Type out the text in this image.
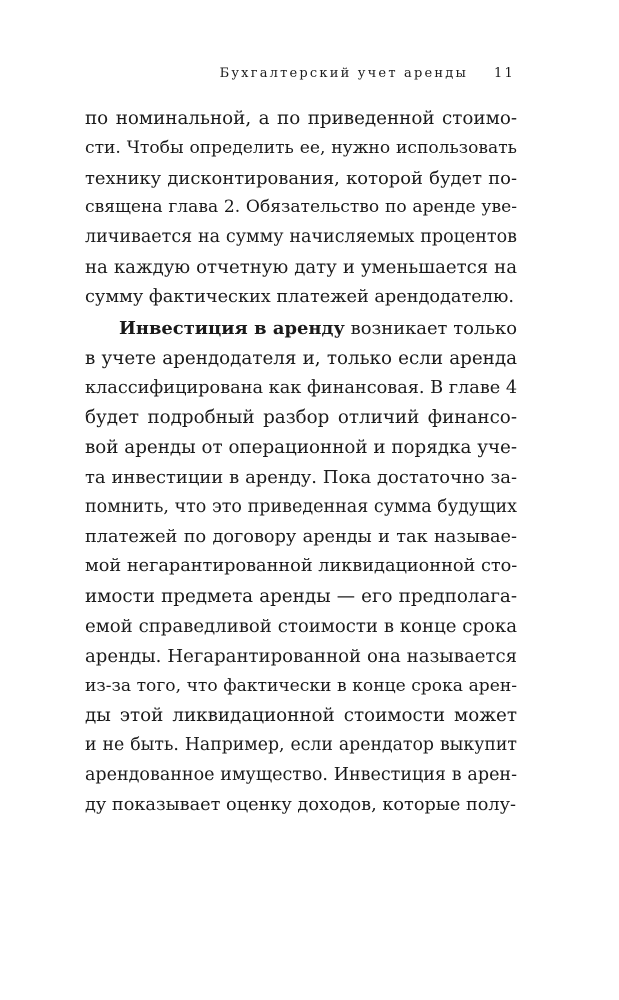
Бухгалтерский учет аренды 11
по номинальной, а по приведенной стоимо-
сти. Чтобы определить ее, нужно использовать
технику дисконтирования, которой будет по-
священа глава 2. Обязательство по аренде уве-
личивается на сумму начисляемых процентов
на каждую отчетную дату и уменьшается на
сумму фактических платежей арендодателю.
Инвестиция в аренду возникает только
в учете арендодателя и, только если аренда
классифицирована как финансовая. В главе 4
будет подробный разбор отличий финансо-
вой аренды от операционной и порядка уче-
та инвестиции в аренду. Пока достаточно за-
помнить, что это приведенная сумма будущих
платежей по договору аренды и так называе-
мой негарантированной ликвидационной сто-
имости предмета аренды — его предполага-
емой справедливой стоимости в конце срока
аренды. Негарантированной она называется
из-за того, что фактически в конце срока арен-
ды этой ликвидационной стоимости может
и не быть. Например, если арендатор выкупит
арендованное имущество. Инвестиция в арен-
ду показывает оценку доходов, которые полу-
